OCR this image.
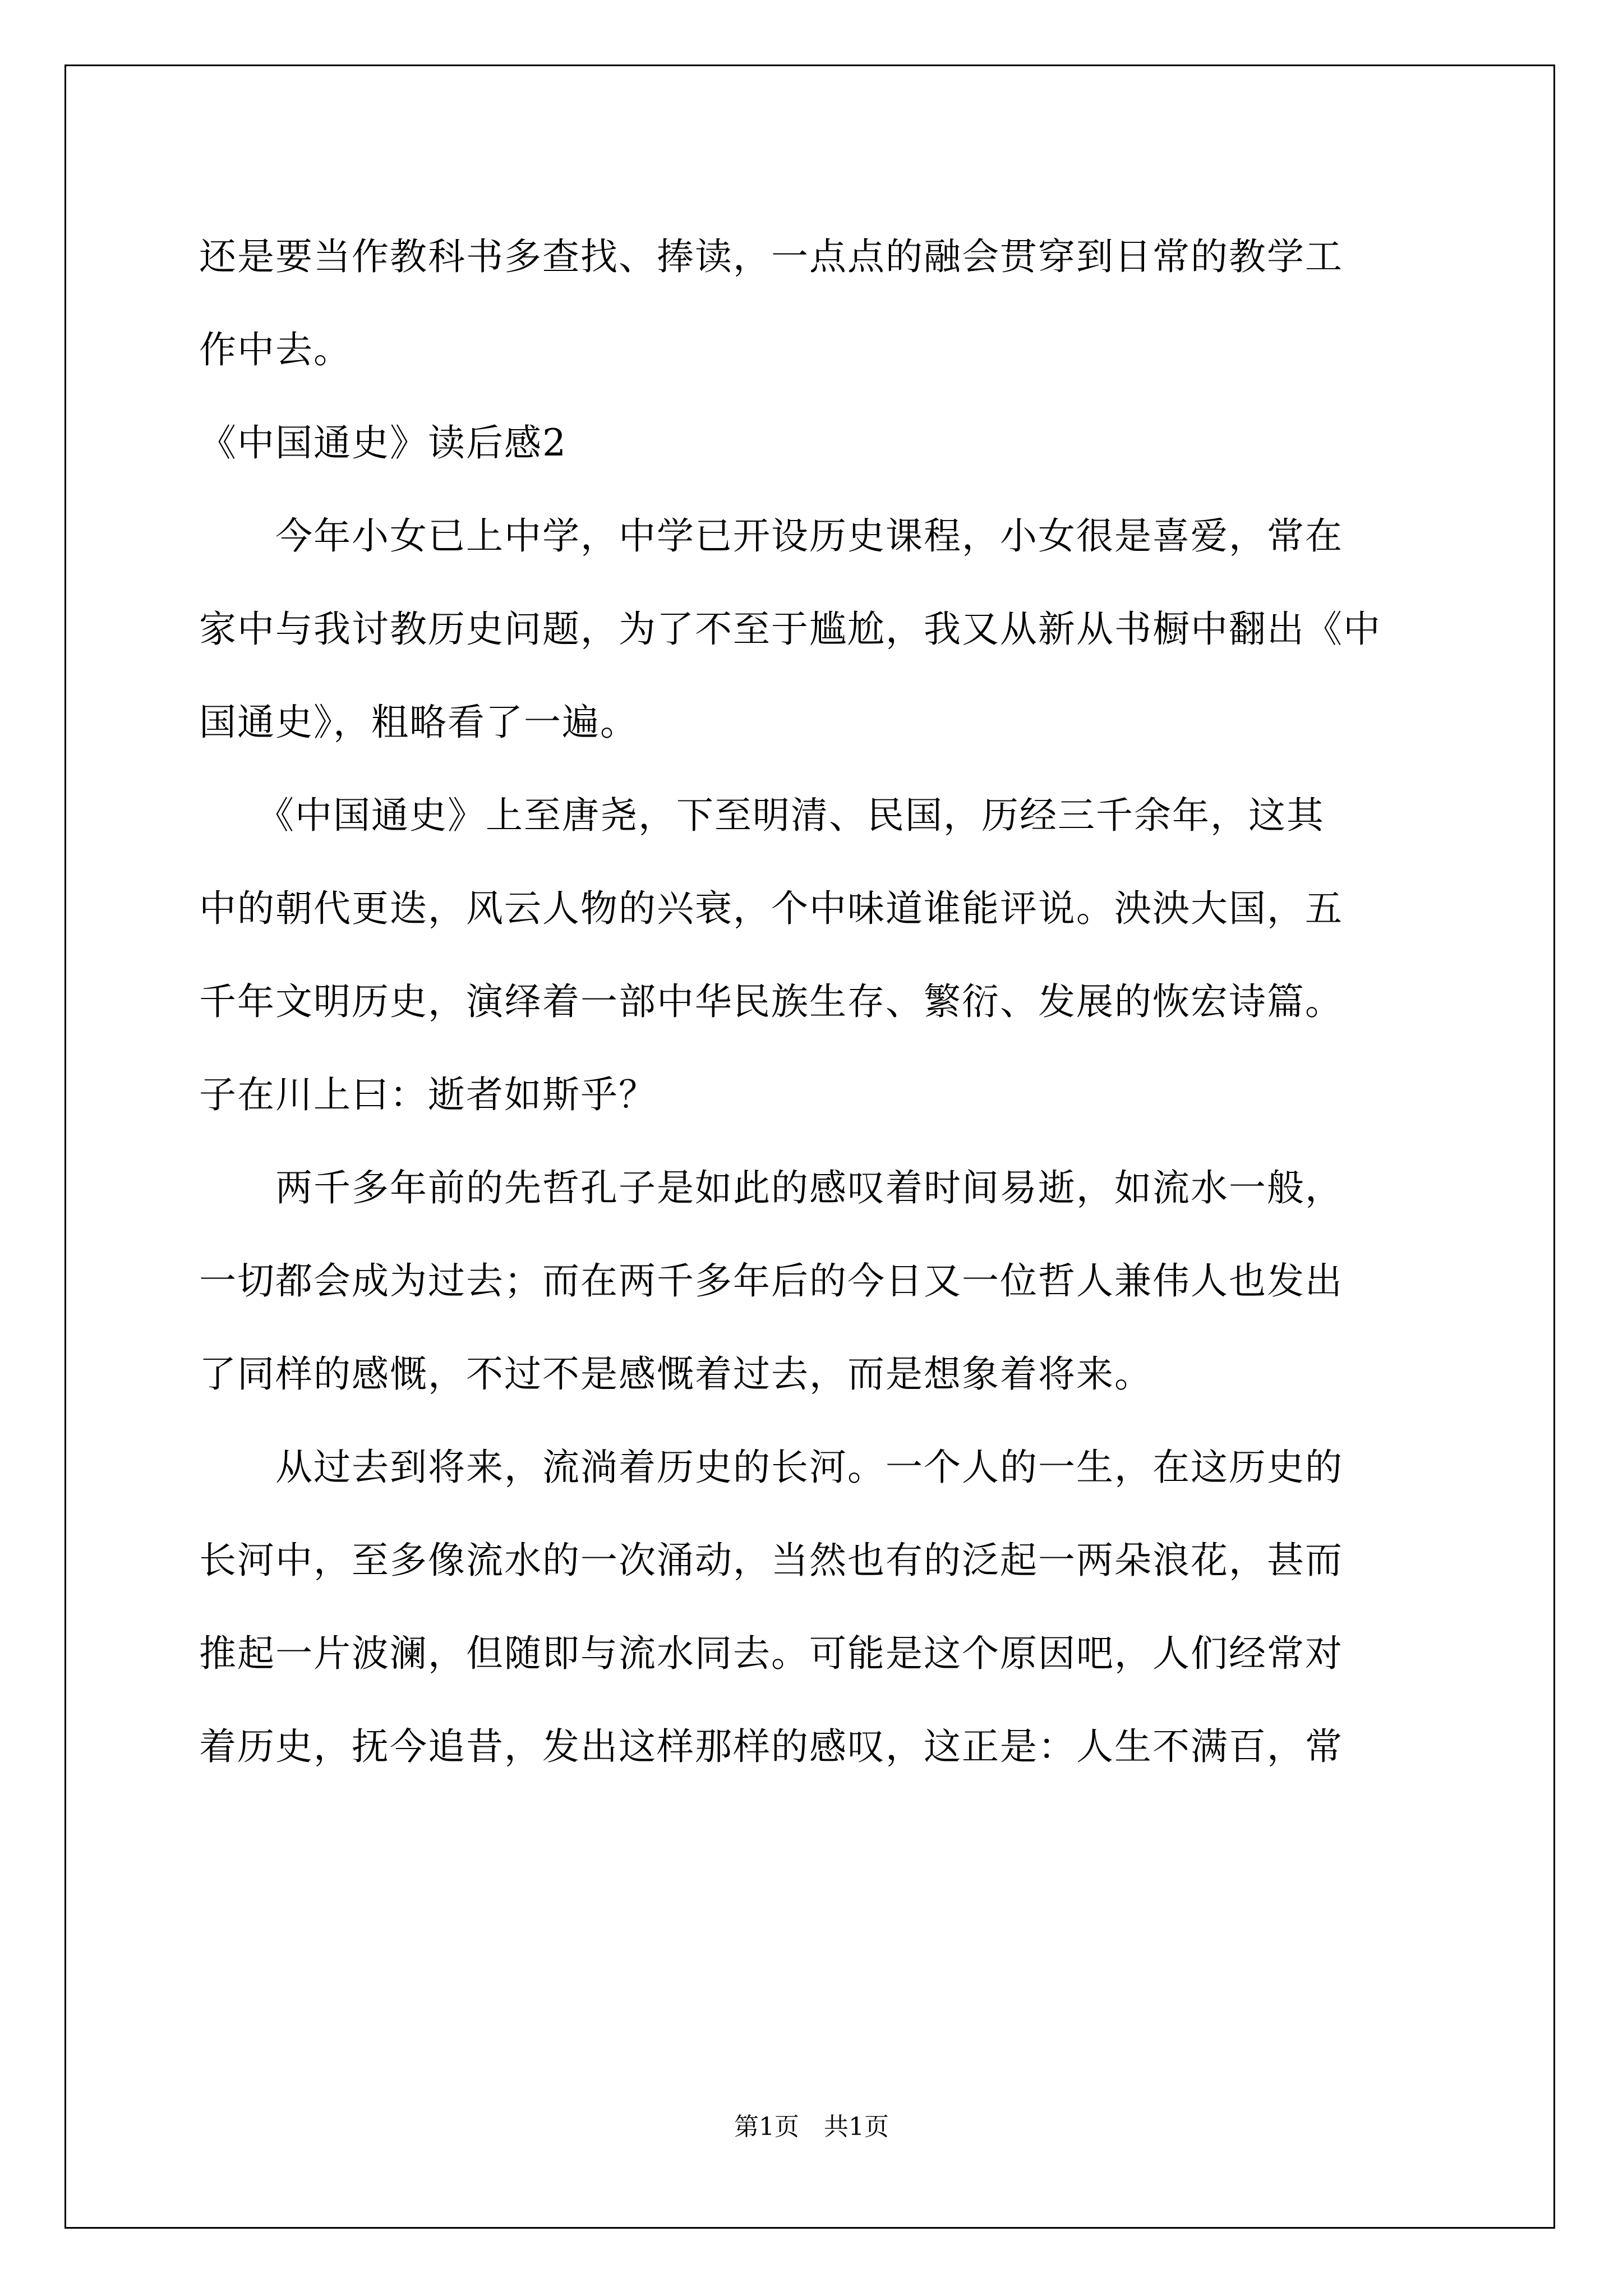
还是要当作教科书多查找、捧读，一点点的融会贯穿到日常的教学工
作中去。
《中国通史》读后感2
　　今年小女已上中学，中学已开设历史课程，小女很是喜爱，常在
家中与我讨教历史问题，为了不至于尴尬，我又从新从书橱中翻出《中
国通史》，粗略看了一遍。
　　《中国通史》上至唐尧，下至明清、民国，历经三千余年，这其
中的朝代更迭，风云人物的兴衰，个中味道谁能评说。泱泱大国，五
千年文明历史，演绎着一部中华民族生存、繁衍、发展的恢宏诗篇。
子在川上曰：逝者如斯乎？
　　两千多年前的先哲孔子是如此的感叹着时间易逝，如流水一般，
一切都会成为过去；而在两千多年后的今日又一位哲人兼伟人也发出
了同样的感慨，不过不是感慨着过去，而是想象着将来。
　　从过去到将来，流淌着历史的长河。一个人的一生，在这历史的
长河中，至多像流水的一次涌动，当然也有的泛起一两朵浪花，甚而
推起一片波澜，但随即与流水同去。可能是这个原因吧，人们经常对
着历史，抚今追昔，发出这样那样的感叹，这正是：人生不满百，常
第1页　共1页
